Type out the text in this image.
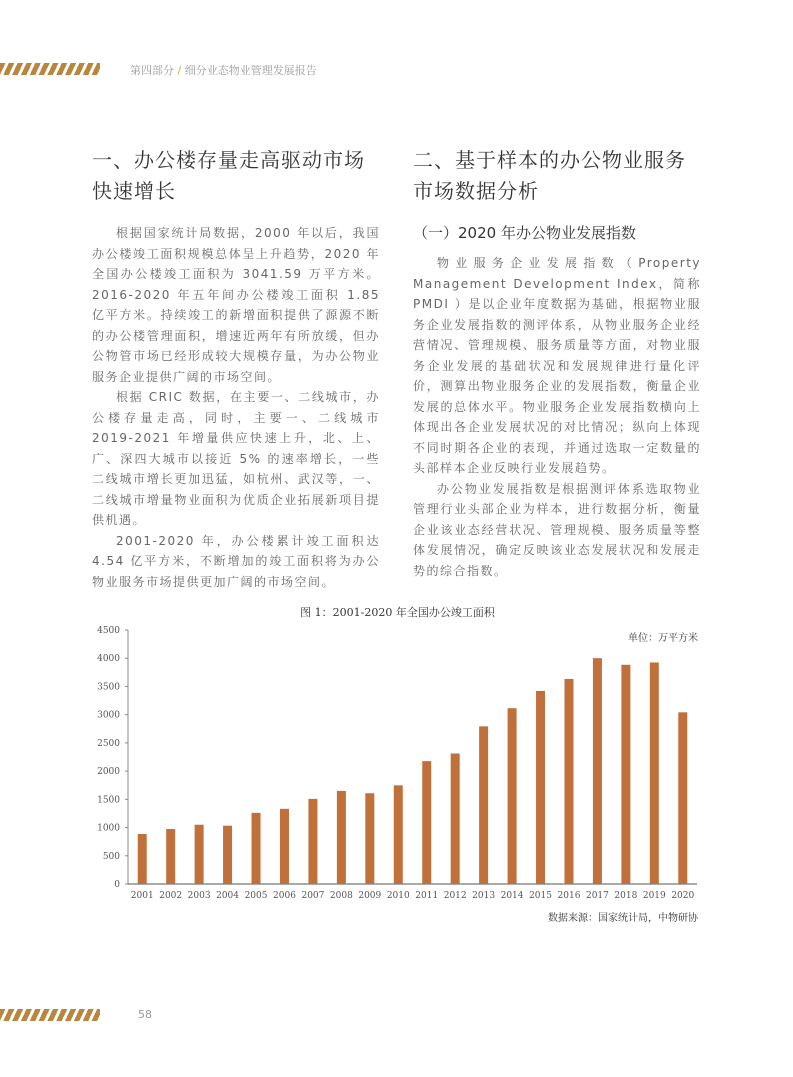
第四部分 / 细分业态物业管理发展报告
一、办公楼存量走高驱动市场快速增长

根据国家统计局数据，2000 年以后，我国办公楼竣工面积规模总体呈上升趋势，2020 年全国办公楼竣工面积为 3041.59 万平方米。2016-2020 年五年间办公楼竣工面积 1.85 亿平方米。持续竣工的新增面积提供了源源不断的办公楼管理面积，增速近两年有所放缓，但办公物管市场已经形成较大规模存量，为办公物业服务企业提供广阔的市场空间。

根据 CRIC 数据，在主要一、二线城市，办公楼存量走高，同时，主要一、二线城市 2019-2021 年增量供应快速上升，北、上、广、深四大城市以接近 5% 的速率增长，一些二线城市增长更加迅猛，如杭州、武汉等，一、二线城市增量物业面积为优质企业拓展新项目提供机遇。

2001-2020 年，办公楼累计竣工面积达 4.54 亿平方米，不断增加的竣工面积将为办公物业服务市场提供更加广阔的市场空间。

二、基于样本的办公物业服务市场数据分析
（一）2020 年办公物业发展指数

物业服务企业发展指数（Property Management Development Index，简称 PMDI ）是以企业年度数据为基础，根据物业服务企业发展指数的测评体系，从物业服务企业经营情况、管理规模、服务质量等方面，对物业服务企业发展的基础状况和发展规律进行量化评价，测算出物业服务企业的发展指数，衡量企业发展的总体水平。物业服务企业发展指数横向上体现出各企业发展状况的对比情况；纵向上体现不同时期各企业的表现，并通过选取一定数量的头部样本企业反映行业发展趋势。

办公物业发展指数是根据测评体系选取物业管理行业头部企业为样本，进行数据分析，衡量企业该业态经营状况、管理规模、服务质量等整体发展情况，确定反映该业态发展状况和发展走势的综合指数。

0
500
1000
1500
2000
2500
3000
3500
4000
4500
2001 2002 2003 2004 2005 2006 2007 2008 2009 2010 2011 2012 2013 2014 2015 2016 2017 2018 2019 2020
图 1：2001-2020 年全国办公竣工面积
单位：万平方米
数据来源：国家统计局，中物研协
58
